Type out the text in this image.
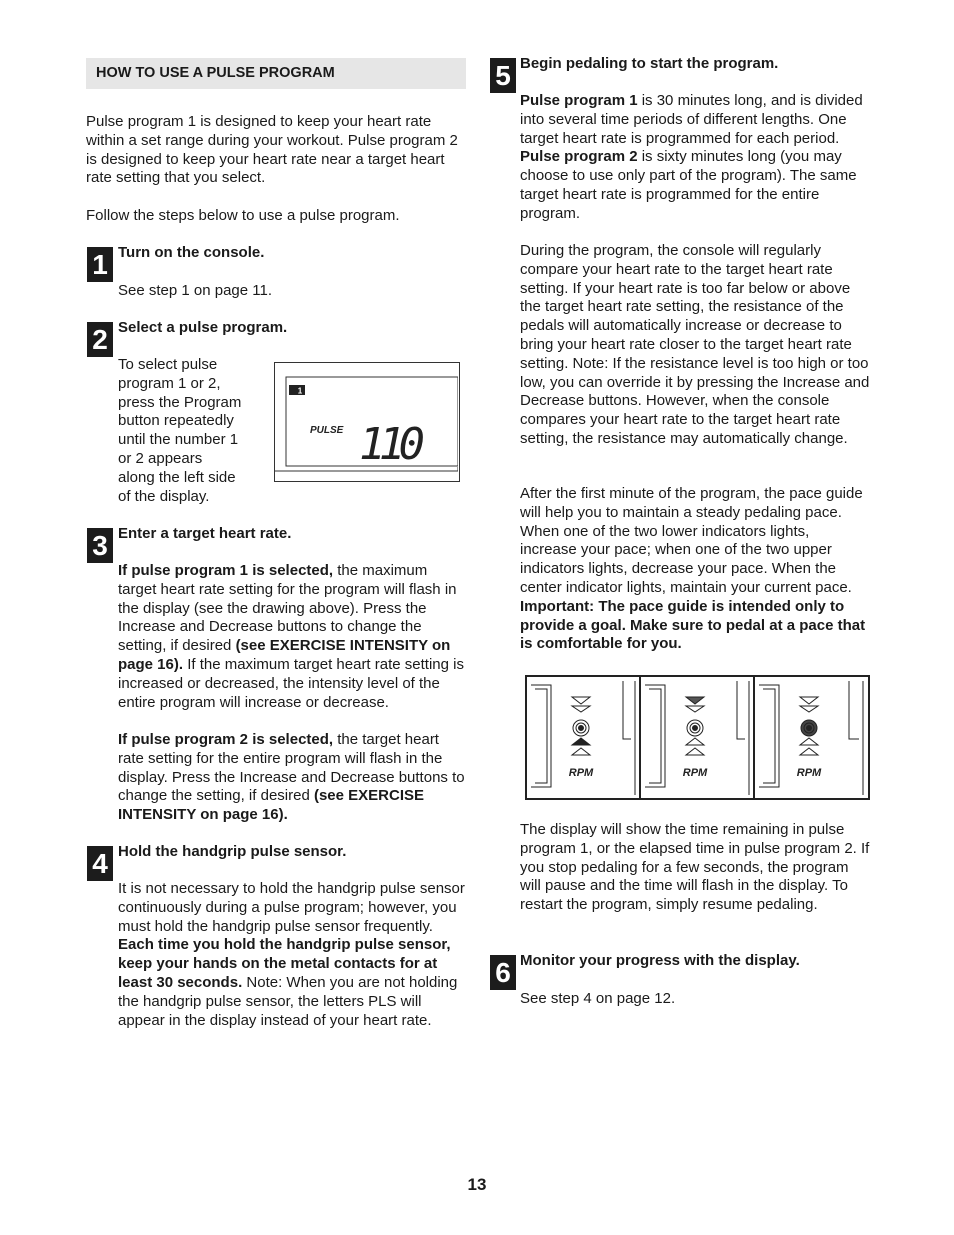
HOW TO USE A PULSE PROGRAM

Pulse program 1 is designed to keep your heart rate within a set range during your workout. Pulse program 2 is designed to keep your heart rate near a target heart rate setting that you select.

Follow the steps below to use a pulse program.

1 Turn on the console.
See step 1 on page 11.
2 Select a pulse program.
To select pulse
program 1 or 2,
press the Program
button repeatedly
until the number 1
or 2 appears
along the left side
of the display.
1
PULSE 110
3 Enter a target heart rate.

If pulse program 1 is selected, the maximum target heart rate setting for the program will flash in the display (see the drawing above). Press the Increase and Decrease buttons to change the setting, if desired (see EXERCISE INTENSITY on page 16). If the maximum target heart rate setting is increased or decreased, the intensity level of the entire program will increase or decrease.

If pulse program 2 is selected, the target heart rate setting for the entire program will flash in the display. Press the Increase and Decrease buttons to change the setting, if desired (see EXERCISE INTENSITY on page 16).

4 Hold the handgrip pulse sensor.

It is not necessary to hold the handgrip pulse sensor continuously during a pulse program; however, you must hold the handgrip pulse sensor frequently. Each time you hold the handgrip pulse sensor, keep your hands on the metal contacts for at least 30 seconds. Note: When you are not holding the handgrip pulse sensor, the letters PLS will appear in the display instead of your heart rate.

5 Begin pedaling to start the program.

Pulse program 1 is 30 minutes long, and is divided into several time periods of different lengths. One target heart rate is programmed for each period. Pulse program 2 is sixty minutes long (you may choose to use only part of the program). The same target heart rate is programmed for the entire program.

During the program, the console will regularly compare your heart rate to the target heart rate setting. If your heart rate is too far below or above the target heart rate setting, the resistance of the pedals will automatically increase or decrease to bring your heart rate closer to the target heart rate setting. Note: If the resistance level is too high or too low, you can override it by pressing the Increase and Decrease buttons. However, when the console compares your heart rate to the target heart rate setting, the resistance may automatically change.

After the first minute of the program, the pace guide will help you to maintain a steady pedaling pace. When one of the two lower indicators lights, increase your pace; when one of the two upper indicators lights, decrease your pace. When the center indicator lights, maintain your current pace. Important: The pace guide is intended only to provide a goal. Make sure to pedal at a pace that is comfortable for you.

RPM	RPM	RPM

The display will show the time remaining in pulse program 1, or the elapsed time in pulse program 2. If you stop pedaling for a few seconds, the program will pause and the time will flash in the display. To restart the program, simply resume pedaling.

6 Monitor your progress with the display.
See step 4 on page 12.
13
